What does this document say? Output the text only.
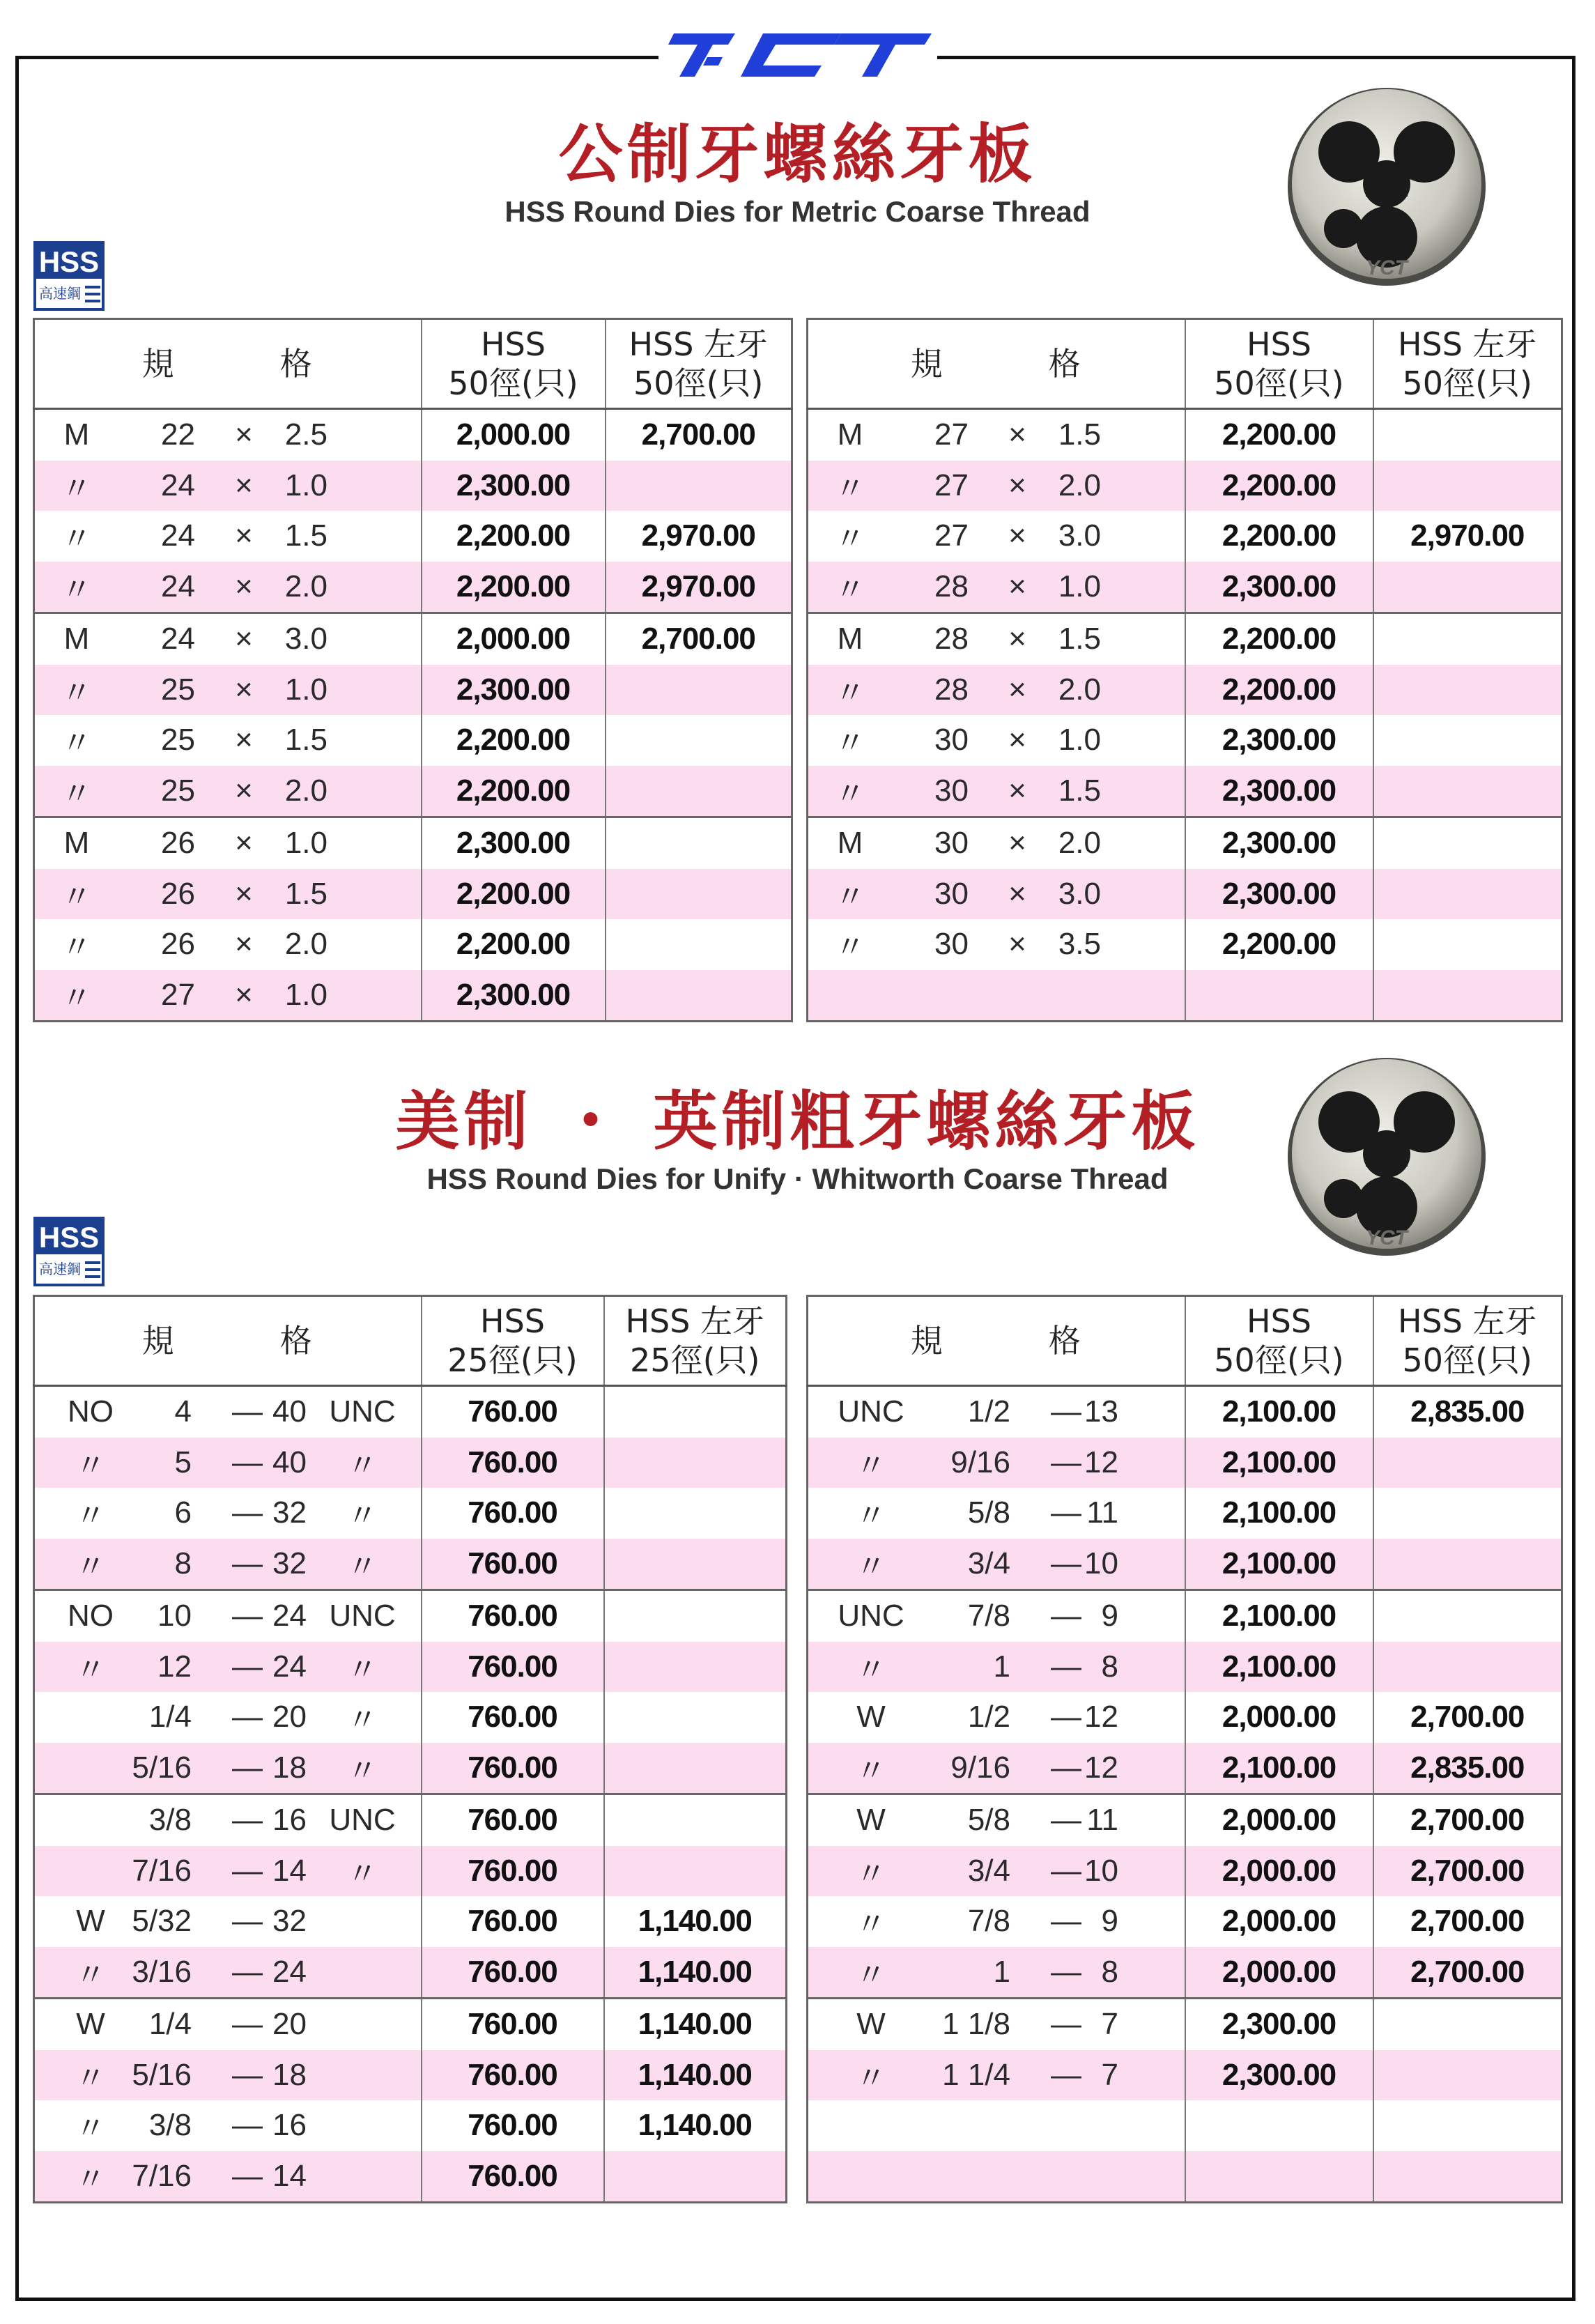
公制牙螺絲牙板
HSS Round Dies for Metric Coarse Thread
HSS
高速鋼
YCT
規 格	HSS
50徑(只)	HSS 左牙
50徑(只)

M 22 × 2.5	2,000.00	2,700.00

〃 24 × 1.0	2,300.00	

〃 24 × 1.5	2,200.00	2,970.00

〃 24 × 2.0	2,200.00	2,970.00

M 24 × 3.0	2,000.00	2,700.00

〃 25 × 1.0	2,300.00	

〃 25 × 1.5	2,200.00	

〃 25 × 2.0	2,200.00	

M 26 × 1.0	2,300.00	

〃 26 × 1.5	2,200.00	

〃 26 × 2.0	2,200.00	

〃 27 × 1.0	2,300.00	
規 格	HSS
50徑(只)	HSS 左牙
50徑(只)

M 27 × 1.5	2,200.00	

〃 27 × 2.0	2,200.00	

〃 27 × 3.0	2,200.00	2,970.00

〃 28 × 1.0	2,300.00	

M 28 × 1.5	2,200.00	

〃 28 × 2.0	2,200.00	

〃 30 × 1.0	2,300.00	

〃 30 × 1.5	2,300.00	

M 30 × 2.0	2,300.00	

〃 30 × 3.0	2,300.00	

〃 30 × 3.5	2,200.00	

美制 ・ 英制粗牙螺絲牙板
HSS Round Dies for Unify · Whitworth Coarse Thread
HSS
高速鋼
YCT
規 格	HSS
25徑(只)	HSS 左牙
25徑(只)

NO 4 — 40 UNC	760.00	

〃 5 — 40 〃	760.00	

〃 6 — 32 〃	760.00	

〃 8 — 32 〃	760.00	

NO 10 — 24 UNC	760.00	

〃 12 — 24 〃	760.00	

1/4 — 20 〃	760.00	

5/16 — 18 〃	760.00	

3/8 — 16 UNC	760.00	

7/16 — 14 〃	760.00	

W 5/32 — 32	760.00	1,140.00

〃 3/16 — 24	760.00	1,140.00

W 1/4 — 20	760.00	1,140.00

〃 5/16 — 18	760.00	1,140.00

〃 3/8 — 16	760.00	1,140.00

〃 7/16 — 14	760.00	
規 格	HSS
50徑(只)	HSS 左牙
50徑(只)

UNC 1/2 — 13	2,100.00	2,835.00

〃 9/16 — 12	2,100.00	

〃 5/8 — 11	2,100.00	

〃 3/4 — 10	2,100.00	

UNC 7/8 — 9	2,100.00	

〃 1 — 8	2,100.00	

W 1/2 — 12	2,000.00	2,700.00

〃 9/16 — 12	2,100.00	2,835.00

W 5/8 — 11	2,000.00	2,700.00

〃 3/4 — 10	2,000.00	2,700.00

〃 7/8 — 9	2,000.00	2,700.00

〃 1 — 8	2,000.00	2,700.00

W 1 1/8 — 7	2,300.00	

〃 1 1/4 — 7	2,300.00	
